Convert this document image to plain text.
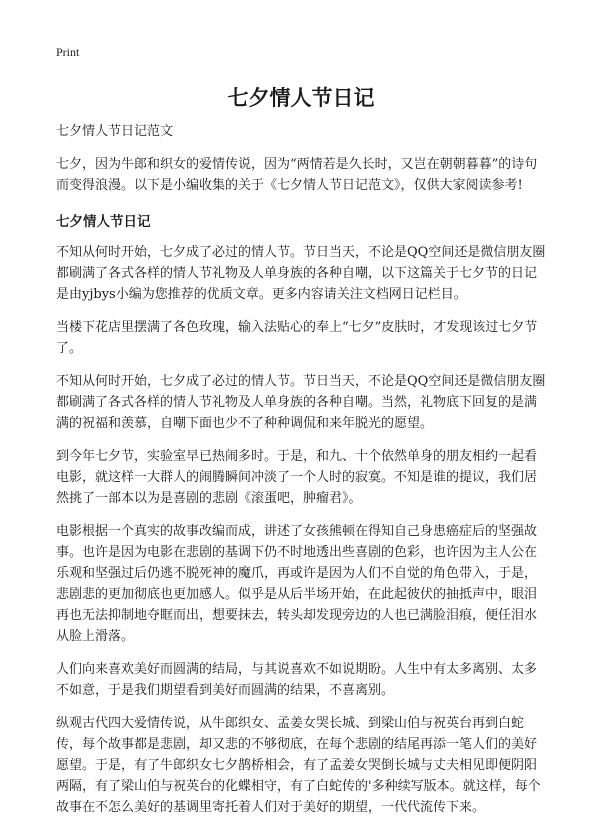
Print
七夕情人节日记
七夕情人节日记范文

七夕，因为牛郎和织女的爱情传说，因为“两情若是久长时，又岂在朝朝暮暮”的诗句而变得浪漫。以下是小编收集的关于《七夕情人节日记范文》，仅供大家阅读参考!

七夕情人节日记

不知从何时开始，七夕成了必过的情人节。节日当天，不论是QQ空间还是微信朋友圈都刷满了各式各样的情人节礼物及人单身族的各种自嘲，以下这篇关于七夕节的日记是由yjbys小编为您推荐的优质文章。更多内容请关注文档网日记栏目。

当楼下花店里摆满了各色玫瑰，输入法贴心的奉上“七夕”皮肤时，才发现该过七夕节了。

不知从何时开始，七夕成了必过的情人节。节日当天，不论是QQ空间还是微信朋友圈都刷满了各式各样的情人节礼物及人单身族的各种自嘲。当然，礼物底下回复的是满满的祝福和羡慕，自嘲下面也少不了种种调侃和来年脱光的愿望。

到今年七夕节，实验室早已热闹多时。于是，和九、十个依然单身的朋友相约一起看电影，就这样一大群人的闹腾瞬间冲淡了一个人时的寂寞。不知是谁的提议，我们居然挑了一部本以为是喜剧的悲剧《滚蛋吧，肿瘤君》。

电影根据一个真实的故事改编而成，讲述了女孩熊顿在得知自己身患癌症后的坚强故事。也许是因为电影在悲剧的基调下仍不时地透出些喜剧的色彩，也许因为主人公在乐观和坚强过后仍逃不脱死神的魔爪，再或许是因为人们不自觉的角色带入，于是，悲剧悲的更加彻底也更加感人。似乎是从后半场开始，在此起彼伏的抽抵声中，眼泪再也无法抑制地夺眶而出，想要抹去，转头却发现旁边的人也已满脸泪痕，便任泪水从脸上滑落。

人们向来喜欢美好而圆满的结局，与其说喜欢不如说期盼。人生中有太多离别、太多不如意，于是我们期望看到美好而圆满的结果，不喜离别。

纵观古代四大爱情传说，从牛郎织女、孟姜女哭长城、到梁山伯与祝英台再到白蛇传，每个故事都是悲剧，却又悲的不够彻底，在每个悲剧的结尾再添一笔人们的美好愿望。于是，有了牛郎织女七夕鹊桥相会，有了孟姜女哭倒长城与丈夫相见即便阴阳两隔，有了梁山伯与祝英台的化蝶相守，有了白蛇传的'多种续写版本。就这样，每个故事在不怎么美好的基调里寄托着人们对于美好的期望，一代代流传下来。
